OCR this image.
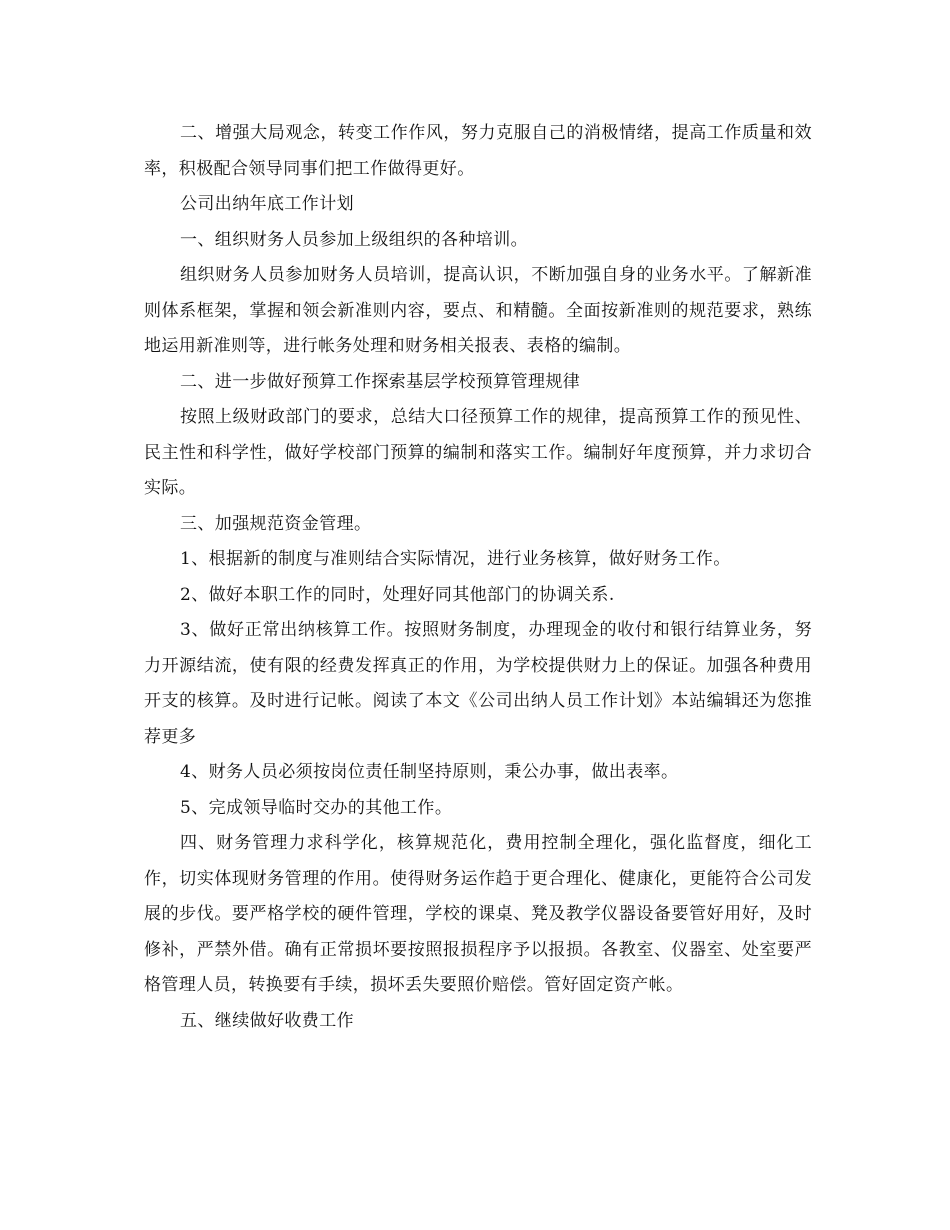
二、增强大局观念，转变工作作风，努力克服自己的消极情绪，提高工作质量和效率，积极配合领导同事们把工作做得更好。

公司出纳年底工作计划

一、组织财务人员参加上级组织的各种培训。

组织财务人员参加财务人员培训，提高认识，不断加强自身的业务水平。了解新准则体系框架，掌握和领会新准则内容，要点、和精髓。全面按新准则的规范要求，熟练地运用新准则等，进行帐务处理和财务相关报表、表格的编制。

二、进一步做好预算工作探索基层学校预算管理规律

按照上级财政部门的要求，总结大口径预算工作的规律，提高预算工作的预见性、民主性和科学性，做好学校部门预算的编制和落实工作。编制好年度预算，并力求切合实际。

三、加强规范资金管理。

1、根据新的制度与准则结合实际情况，进行业务核算，做好财务工作。

2、做好本职工作的同时，处理好同其他部门的协调关系.

3、做好正常出纳核算工作。按照财务制度，办理现金的收付和银行结算业务，努力开源结流，使有限的经费发挥真正的作用，为学校提供财力上的保证。加强各种费用开支的核算。及时进行记帐。阅读了本文《公司出纳人员工作计划》本站编辑还为您推荐更多

4、财务人员必须按岗位责任制坚持原则，秉公办事，做出表率。

5、完成领导临时交办的其他工作。

四、财务管理力求科学化，核算规范化，费用控制全理化，强化监督度，细化工作，切实体现财务管理的作用。使得财务运作趋于更合理化、健康化，更能符合公司发展的步伐。要严格学校的硬件管理，学校的课桌、凳及教学仪器设备要管好用好，及时修补，严禁外借。确有正常损坏要按照报损程序予以报损。各教室、仪器室、处室要严格管理人员，转换要有手续，损坏丢失要照价赔偿。管好固定资产帐。

五、继续做好收费工作
